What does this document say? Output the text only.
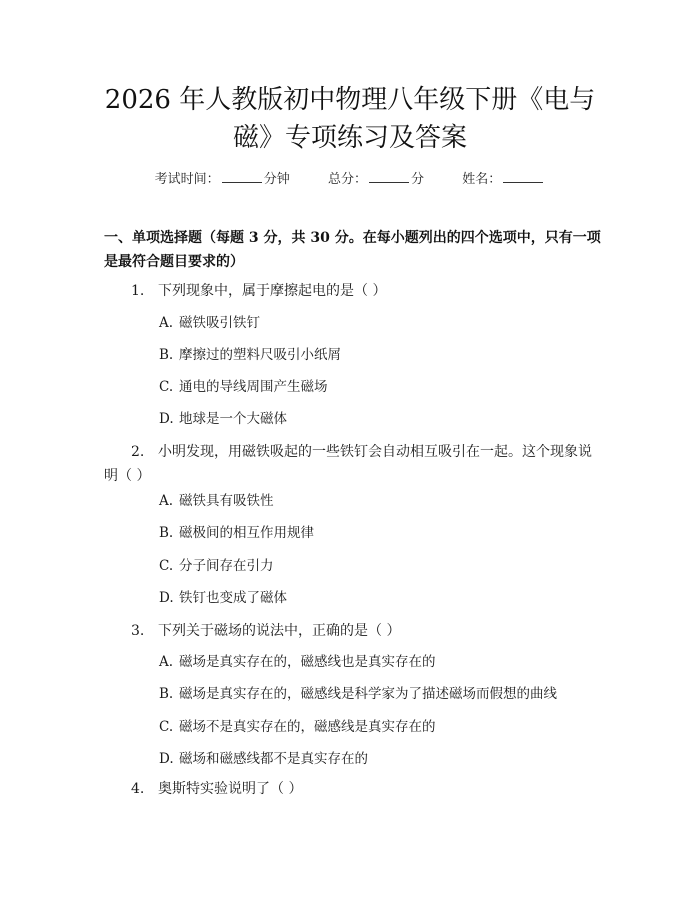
2026 年人教版初中物理八年级下册《电与
磁》专项练习及答案
考试时间：	分钟	总分：	分	姓名：
一、单项选择题（每题 3 分，共 30 分。在每小题列出的四个选项中，只有一项是最符合题目要求的）
1. 下列现象中，属于摩擦起电的是（ ）
A. 磁铁吸引铁钉
B. 摩擦过的塑料尺吸引小纸屑
C. 通电的导线周围产生磁场
D. 地球是一个大磁体
2. 小明发现，用磁铁吸起的一些铁钉会自动相互吸引在一起。这个现象说明（ ）
A. 磁铁具有吸铁性
B. 磁极间的相互作用规律
C. 分子间存在引力
D. 铁钉也变成了磁体
3. 下列关于磁场的说法中，正确的是（ ）
A. 磁场是真实存在的，磁感线也是真实存在的
B. 磁场是真实存在的，磁感线是科学家为了描述磁场而假想的曲线
C. 磁场不是真实存在的，磁感线是真实存在的
D. 磁场和磁感线都不是真实存在的
4. 奥斯特实验说明了（ ）
